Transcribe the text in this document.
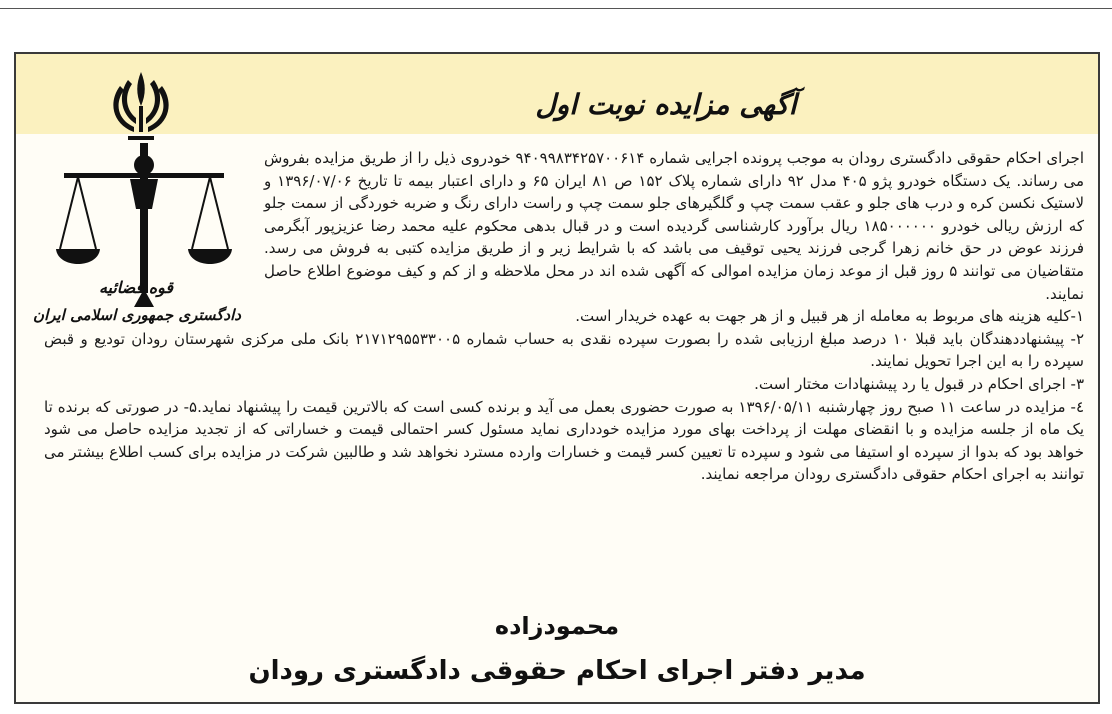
آگهی مزایده نوبت اول
قوه قضائیه
دادگستری جمهوری اسلامی ایران

اجرای احکام حقوقی دادگستری رودان به موجب پرونده اجرایی شماره ۹۴۰۹۹۸۳۴۲۵۷۰۰۶۱۴ خودروی ذیل را از طریق مزایده بفروش می رساند. یک دستگاه خودرو پژو ۴۰۵ مدل ۹۲ دارای شماره پلاک ۱۵۲ ص ۸۱ ایران ۶۵ و دارای اعتبار بیمه تا تاریخ ۱۳۹۶/۰۷/۰۶ و لاستیک نکسن کره و درب های جلو و عقب سمت چپ و گلگیرهای جلو سمت چپ و راست دارای رنگ و ضربه خوردگی از سمت جلو که ارزش ریالی خودرو ۱۸۵۰۰۰۰۰۰ ریال برآورد کارشناسی گردیده است و در قبال بدهی محکوم علیه محمد رضا عزیزپور آبگرمی فرزند عوض در حق خانم زهرا گرجی فرزند یحیی توقیف می باشد که با شرایط زیر و از طریق مزایده کتبی به فروش می رسد. متقاضیان می توانند ۵ روز قبل از موعد زمان مزایده اموالی که آگهی شده اند در محل ملاحظه و از کم و کیف موضوع اطلاع حاصل نمایند.

۱-کلیه هزینه های مربوط به معامله از هر قبیل و از هر جهت به عهده خریدار است.

۲- پیشنهاددهندگان باید قبلا ۱۰ درصد مبلغ ارزیابی شده را بصورت سپرده نقدی به حساب شماره ۲۱۷۱۲۹۵۵۳۳۰۰۵ بانک ملی مرکزی شهرستان رودان تودیع و قبض سپرده را به این اجرا تحویل نمایند.

۳- اجرای احکام در قبول یا رد پیشنهادات مختار است.

٤- مزایده در ساعت ۱۱ صبح روز چهارشنبه ۱۳۹۶/۰۵/۱۱ به صورت حضوری بعمل می آید و برنده کسی است که بالاترین قیمت را پیشنهاد نماید.۵- در صورتی که برنده تا یک ماه از جلسه مزایده و با انقضای مهلت از پرداخت بهای مورد مزایده خودداری نماید مسئول کسر احتمالی قیمت و خساراتی که از تجدید مزایده حاصل می شود خواهد بود که بدوا از سپرده او استیفا می شود و سپرده تا تعیین کسر قیمت و خسارات وارده مسترد نخواهد شد و طالبین شرکت در مزایده برای کسب اطلاع بیشتر می توانند به اجرای احکام حقوقی دادگستری رودان مراجعه نمایند.

محمودزاده
مدیر دفتر اجرای احکام حقوقی دادگستری رودان
